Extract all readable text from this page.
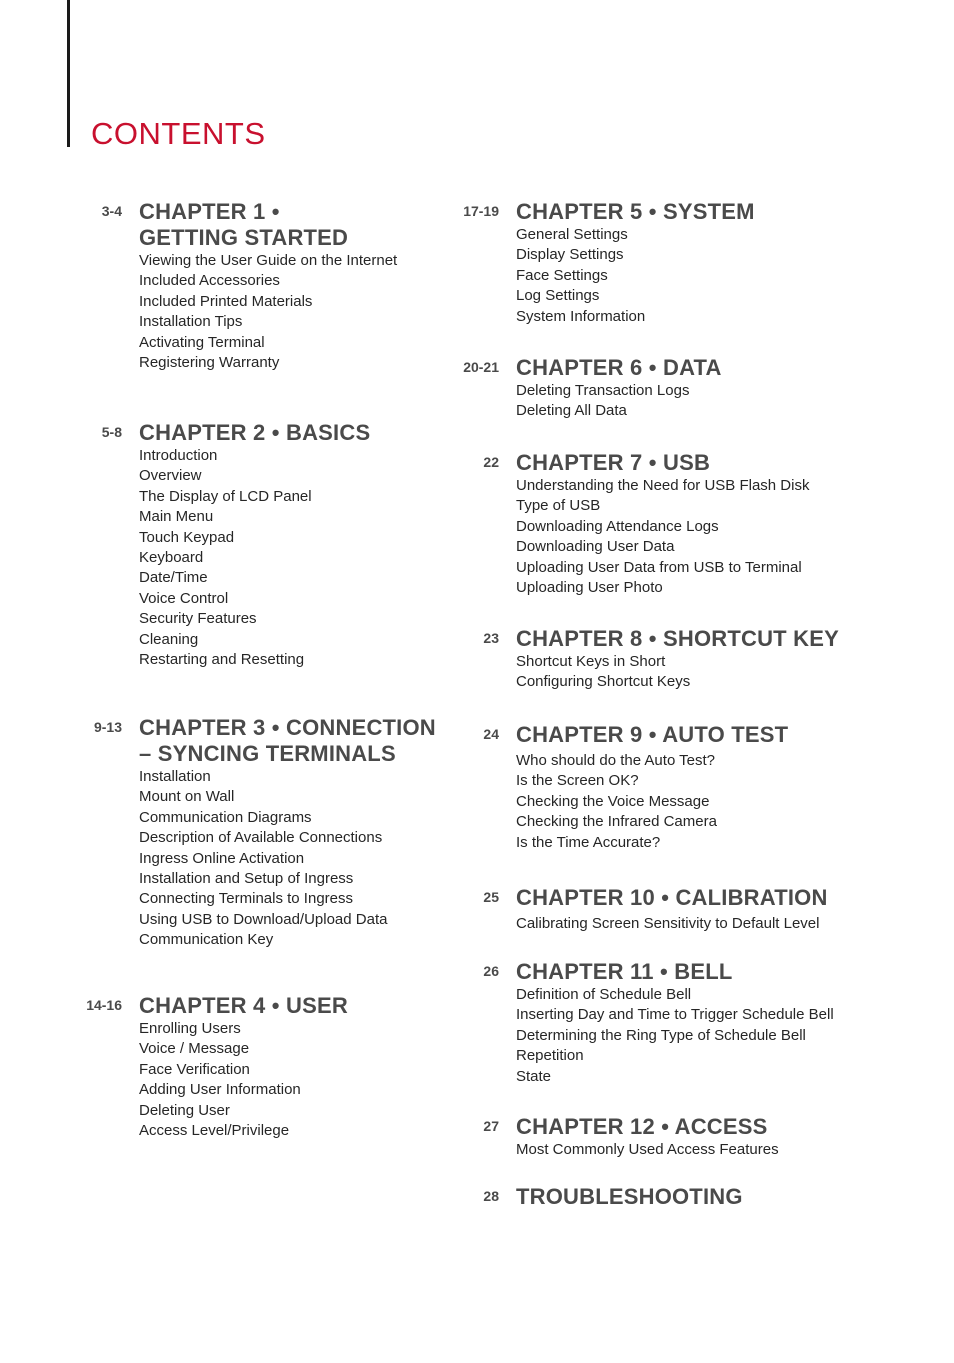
CONTENTS
3-4 CHAPTER 1 •
GETTING STARTED
Viewing the User Guide on the Internet
Included Accessories
Included Printed Materials
Installation Tips
Activating Terminal
Registering Warranty
5-8 CHAPTER 2 • BASICS
Introduction
Overview
The Display of LCD Panel
Main Menu
Touch Keypad
Keyboard
Date/Time
Voice Control
Security Features
Cleaning
Restarting and Resetting
9-13 CHAPTER 3 • CONNECTION
– SYNCING TERMINALS
Installation
Mount on Wall
Communication Diagrams
Description of Available Connections
Ingress Online Activation
Installation and Setup of Ingress
Connecting Terminals to Ingress
Using USB to Download/Upload Data
Communication Key
14-16 CHAPTER 4 • USER
Enrolling Users
Voice / Message
Face Verification
Adding User Information
Deleting User
Access Level/Privilege
17-19 CHAPTER 5 • SYSTEM
General Settings
Display Settings
Face Settings
Log Settings
System Information
20-21 CHAPTER 6 • DATA
Deleting Transaction Logs
Deleting All Data
22 CHAPTER 7 • USB
Understanding the Need for USB Flash Disk
Type of USB
Downloading Attendance Logs
Downloading User Data
Uploading User Data from USB to Terminal
Uploading User Photo
23 CHAPTER 8 • SHORTCUT KEY
Shortcut Keys in Short
Configuring Shortcut Keys
24 CHAPTER 9 • AUTO TEST
Who should do the Auto Test?
Is the Screen OK?
Checking the Voice Message
Checking the Infrared Camera
Is the Time Accurate?
25 CHAPTER 10 • CALIBRATION
Calibrating Screen Sensitivity to Default Level
26 CHAPTER 11 • BELL
Definition of Schedule Bell
Inserting Day and Time to Trigger Schedule Bell
Determining the Ring Type of Schedule Bell
Repetition
State
27 CHAPTER 12 • ACCESS
Most Commonly Used Access Features
28 TROUBLESHOOTING
